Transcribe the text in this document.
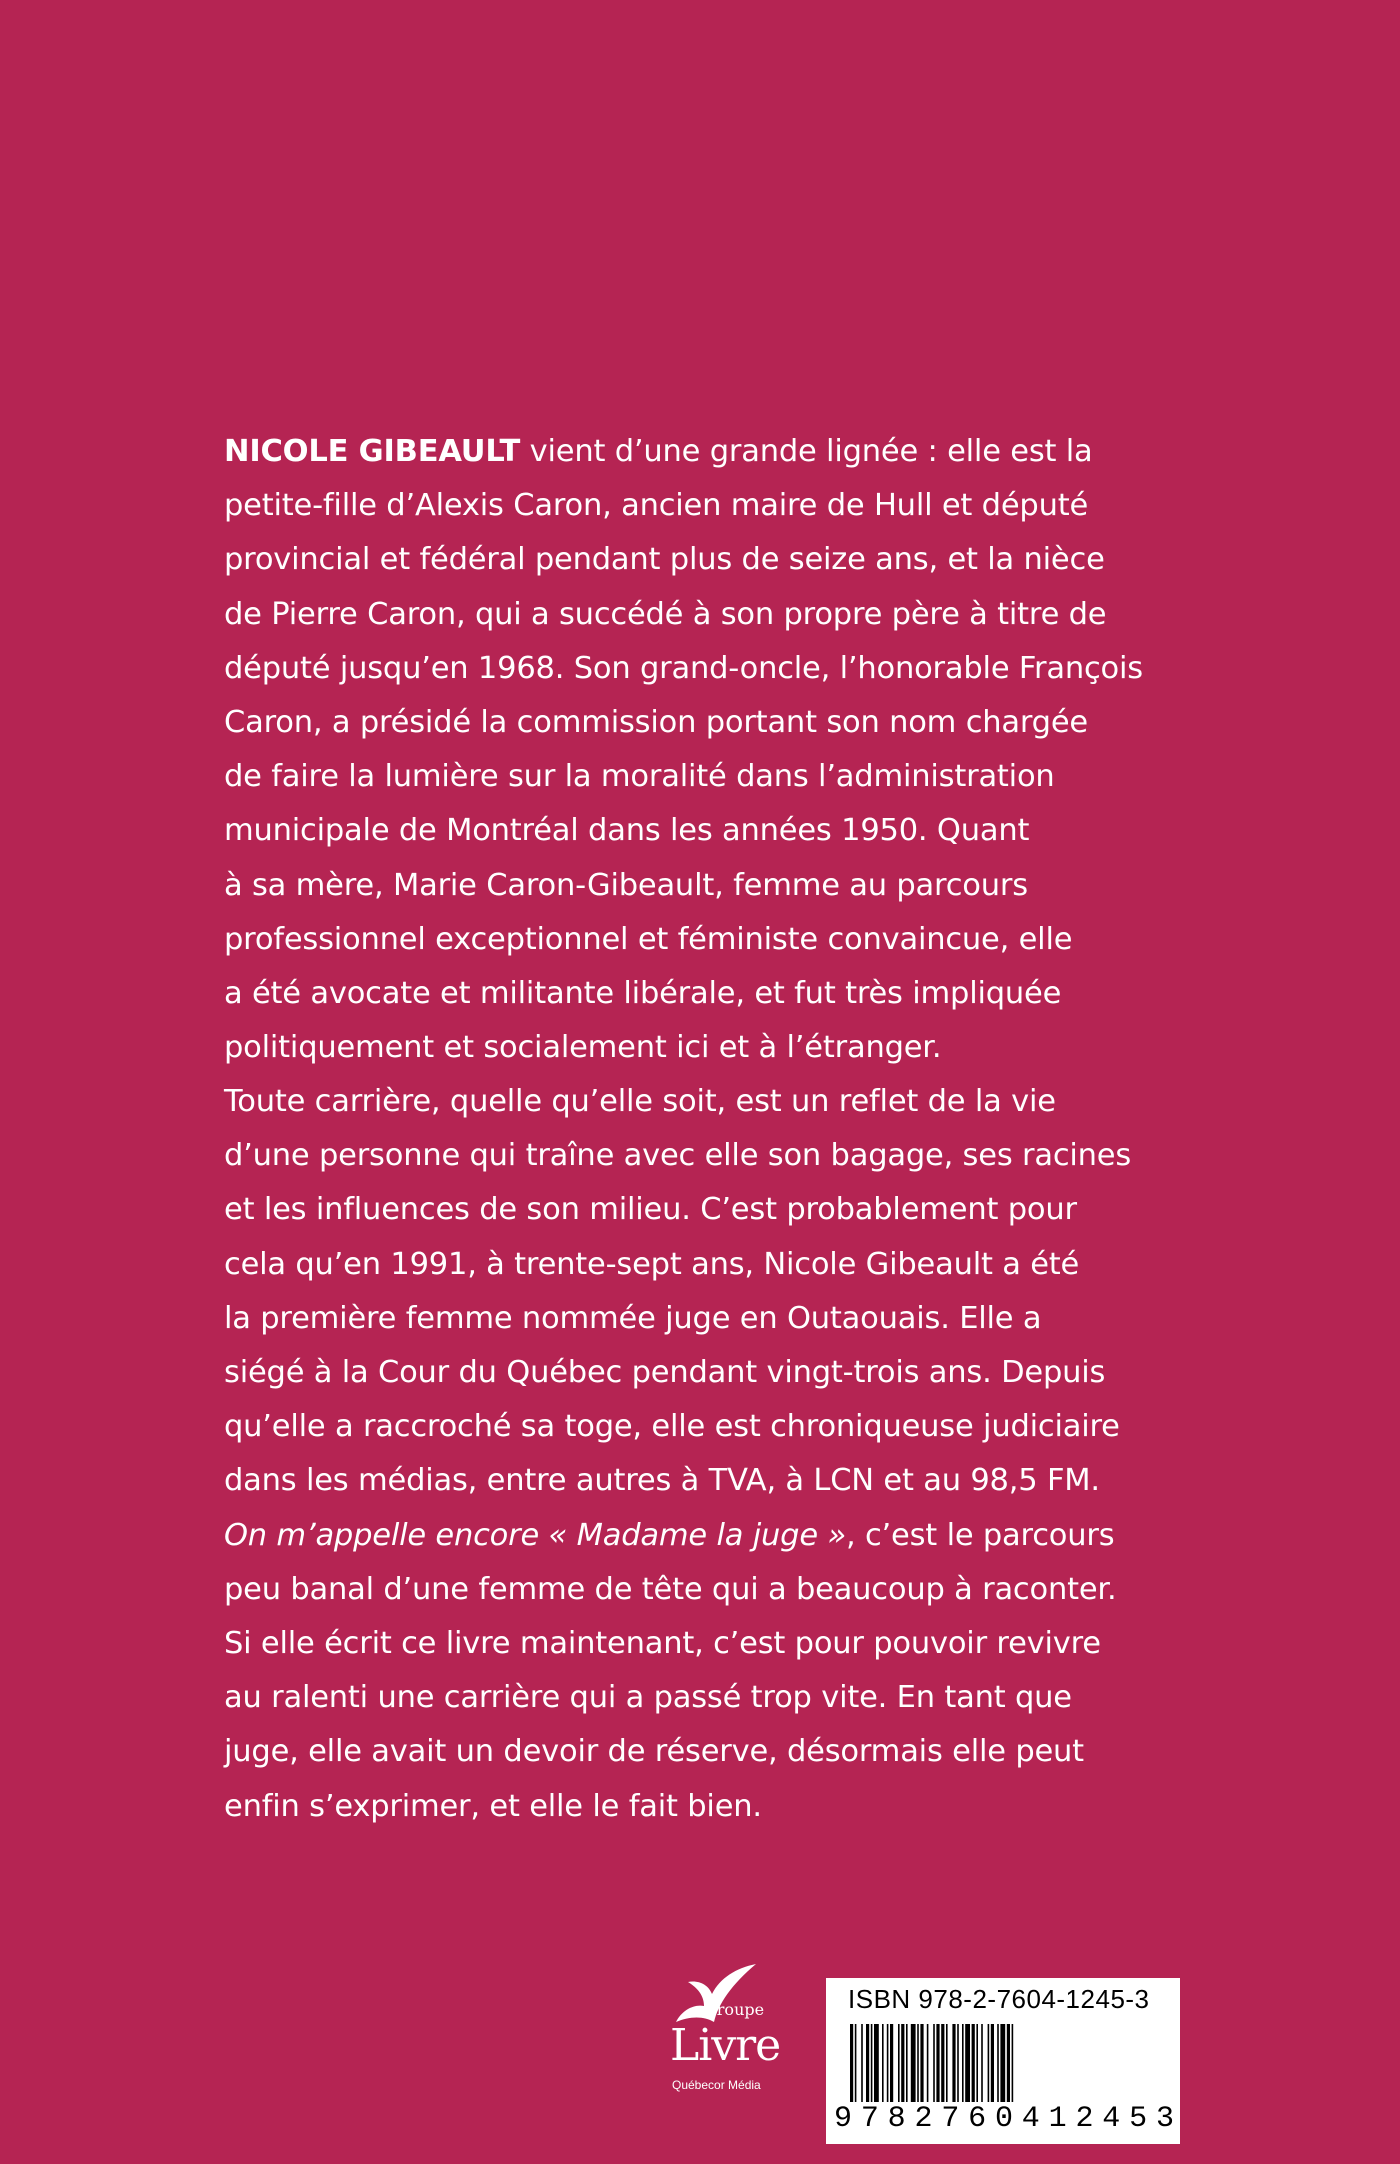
NICOLE GIBEAULT vient d’une grande lignée : elle est la
petite-fille d’Alexis Caron, ancien maire de Hull et député
provincial et fédéral pendant plus de seize ans, et la nièce
de Pierre Caron, qui a succédé à son propre père à titre de
député jusqu’en 1968. Son grand-oncle, l’honorable François
Caron, a présidé la commission portant son nom chargée
de faire la lumière sur la moralité dans l’administration
municipale de Montréal dans les années 1950. Quant
à sa mère, Marie Caron-Gibeault, femme au parcours
professionnel exceptionnel et féministe convaincue, elle
a été avocate et militante libérale, et fut très impliquée
politiquement et socialement ici et à l’étranger.

Toute carrière, quelle qu’elle soit, est un reflet de la vie
d’une personne qui traîne avec elle son bagage, ses racines
et les influences de son milieu. C’est probablement pour
cela qu’en 1991, à trente-sept ans, Nicole Gibeault a été
la première femme nommée juge en Outaouais. Elle a
siégé à la Cour du Québec pendant vingt-trois ans. Depuis
qu’elle a raccroché sa toge, elle est chroniqueuse judiciaire
dans les médias, entre autres à TVA, à LCN et au 98,5 FM.
On m’appelle encore « Madame la juge », c’est le parcours
peu banal d’une femme de tête qui a beaucoup à raconter.
Si elle écrit ce livre maintenant, c’est pour pouvoir revivre
au ralenti une carrière qui a passé trop vite. En tant que
juge, elle avait un devoir de réserve, désormais elle peut
enfin s’exprimer, et elle le fait bien.

Groupe
Livre
Québecor Média
ISBN 978-2-7604-1245-3
9 7 8 2 7 6 0 4 1 2 4 5 3
